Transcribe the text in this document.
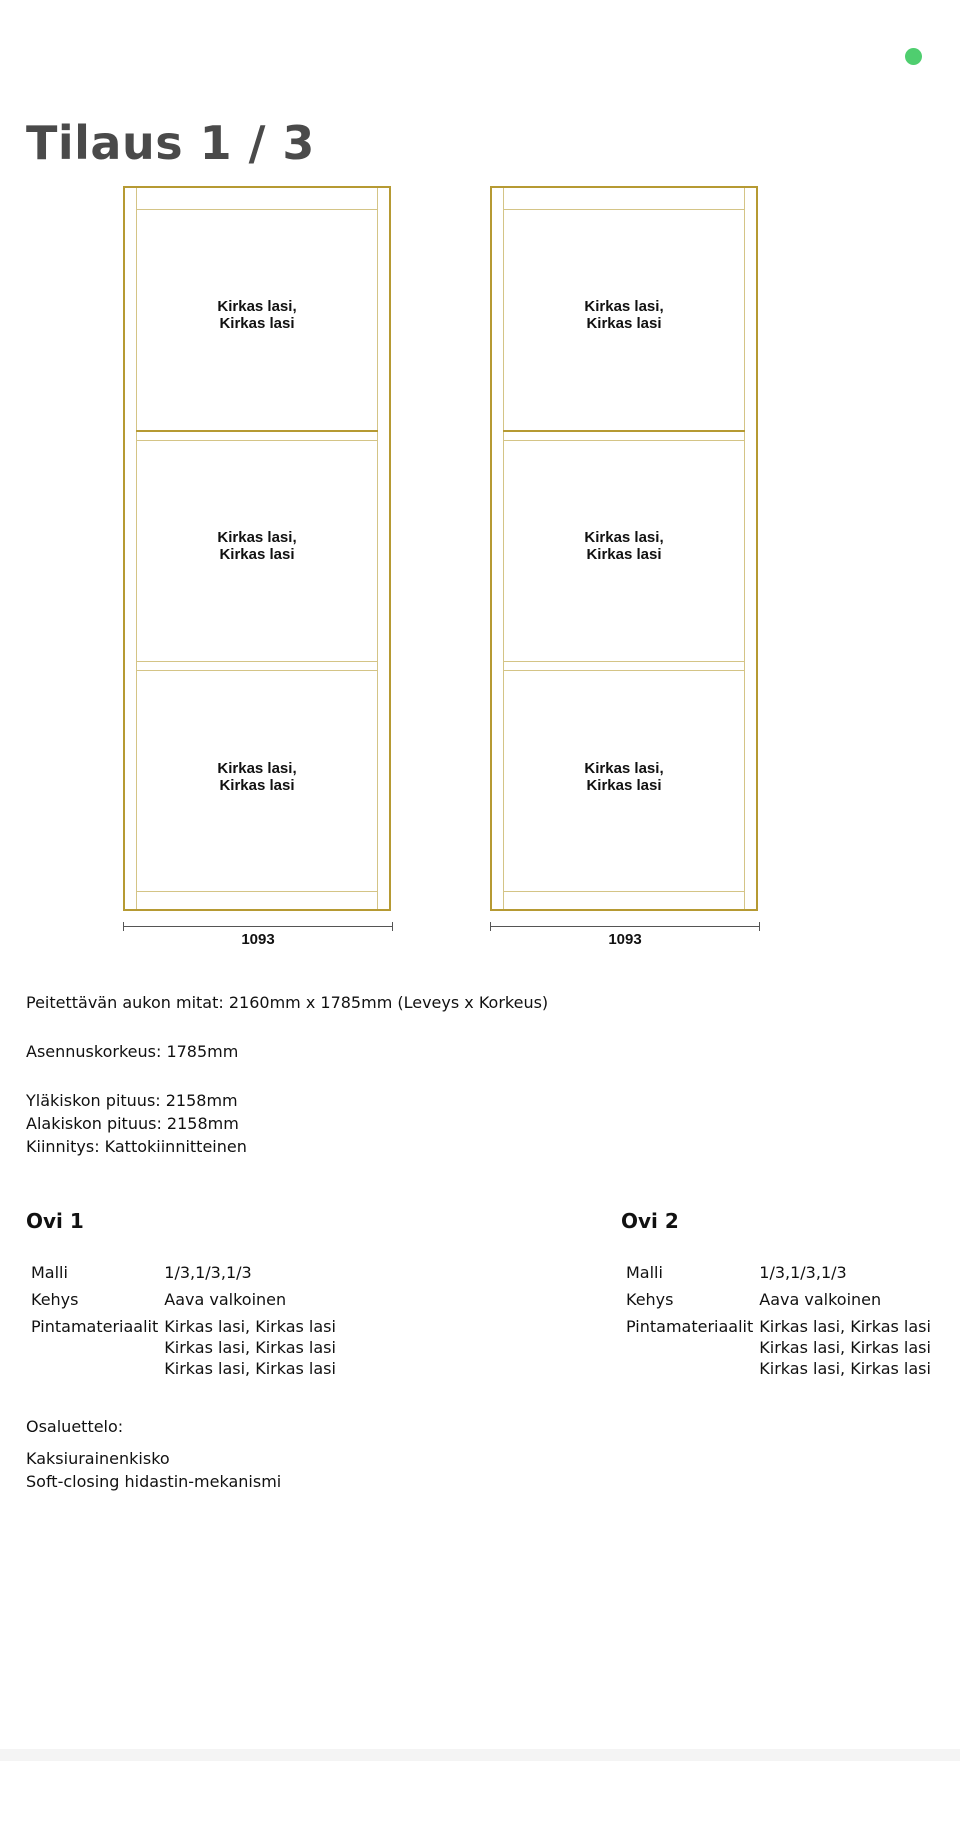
Tilaus 1 / 3
Kirkas lasi,
Kirkas lasi
Kirkas lasi,
Kirkas lasi
Kirkas lasi,
Kirkas lasi
1093
Kirkas lasi,
Kirkas lasi
Kirkas lasi,
Kirkas lasi
Kirkas lasi,
Kirkas lasi
1093

Peitettävän aukon mitat: 2160mm x 1785mm (Leveys x Korkeus)

Asennuskorkeus: 1785mm

Yläkiskon pituus: 2158mm

Alakiskon pituus: 2158mm

Kiinnitys: Kattokiinnitteinen

Ovi 1
Malli	1/3,1/3,1/3
Kehys	Aava valkoinen
Pintamateriaalit	Kirkas lasi, Kirkas lasi
Kirkas lasi, Kirkas lasi
Kirkas lasi, Kirkas lasi
Ovi 2
Malli	1/3,1/3,1/3
Kehys	Aava valkoinen
Pintamateriaalit	Kirkas lasi, Kirkas lasi
Kirkas lasi, Kirkas lasi
Kirkas lasi, Kirkas lasi

Osaluettelo:

Kaksiurainenkisko

Soft-closing hidastin-mekanismi
